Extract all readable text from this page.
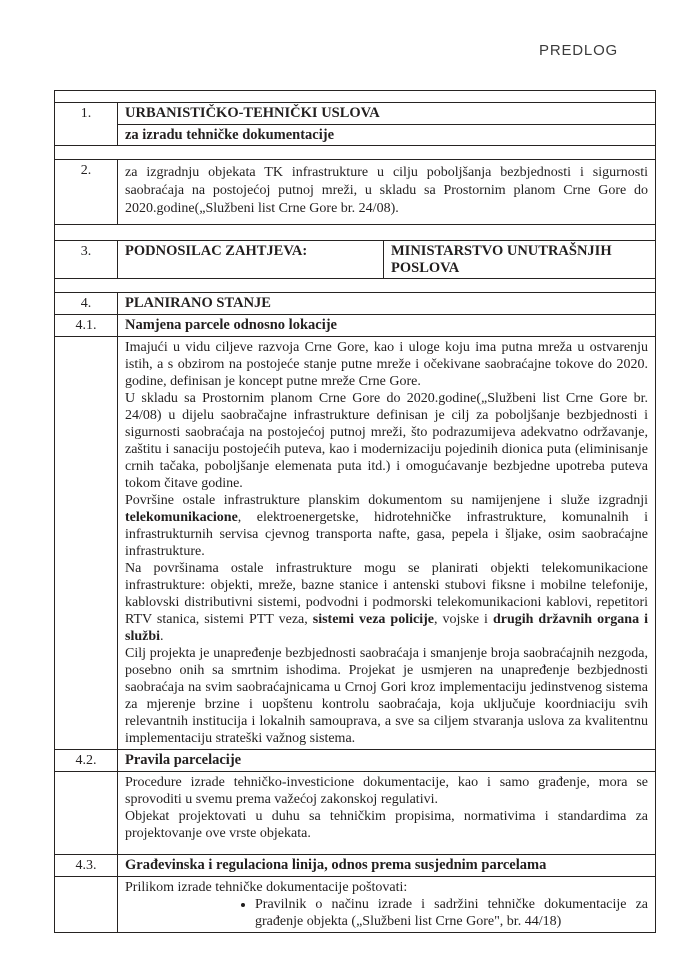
PREDLOG
1.	URBANISTIČKO-TEHNIČKI USLOVA
za izradu tehničke dokumentacije
2.	za izgradnju objekata TK infrastrukture u cilju poboljšanja bezbjednosti i sigurnosti saobraćaja na postojećoj putnoj mreži, u skladu sa Prostornim planom Crne Gore do 2020.godine(„Službeni list Crne Gore br. 24/08).
3.	PODNOSILAC ZAHTJEVA:	MINISTARSTVO UNUTRAŠNJIH POSLOVA
4.	PLANIRANO STANJE
4.1.	Namjena parcele odnosno lokacije

Imajući u vidu ciljeve razvoja Crne Gore, kao i uloge koju ima putna mreža u ostvarenju istih, a s obzirom na postojeće stanje putne mreže i očekivane saobraćajne tokove do 2020. godine, definisan je koncept putne mreže Crne Gore.

U skladu sa Prostornim planom Crne Gore do 2020.godine(„Službeni list Crne Gore br. 24/08) u dijelu saobračajne infrastrukture definisan je cilj za poboljšanje bezbjednosti i sigurnosti saobraćaja na postojećoj putnoj mreži, što podrazumijeva adekvatno održavanje, zaštitu i sanaciju postojećih puteva, kao i modernizaciju pojedinih dionica puta (eliminisanje crnih tačaka, poboljšanje elemenata puta itd.) i omogućavanje bezbjedne upotreba puteva tokom čitave godine.

Površine ostale infrastrukture planskim dokumentom su namijenjene i služe izgradnji telekomunikacione, elektroenergetske, hidrotehničke infrastrukture, komunalnih i infrastrukturnih servisa cjevnog transporta nafte, gasa, pepela i šljake, osim saobraćajne infrastrukture.

Na površinama ostale infrastrukture mogu se planirati objekti telekomunikacione infrastrukture: objekti, mreže, bazne stanice i antenski stubovi fiksne i mobilne telefonije, kablovski distributivni sistemi, podvodni i podmorski telekomunikacioni kablovi, repetitori RTV stanica, sistemi PTT veza, sistemi veza policije, vojske i drugih državnih organa i službi.

Cilj projekta je unapređenje bezbjednosti saobraćaja i smanjenje broja saobraćajnih nezgoda, posebno onih sa smrtnim ishodima. Projekat je usmjeren na unapređenje bezbjednosti saobraćaja na svim saobraćajnicama u Crnoj Gori kroz implementaciju jedinstvenog sistema za mjerenje brzine i uopštenu kontrolu saobraćaja, koja uključuje koordniaciju svih relevantnih institucija i lokalnih samouprava, a sve sa ciljem stvaranja uslova za kvalitentnu implementaciju strateški važnog sistema.

4.2.	Pravila parcelacije

Procedure izrade tehničko-investicione dokumentacije, kao i samo građenje, mora se sprovoditi u svemu prema važećoj zakonskoj regulativi.

Objekat projektovati u duhu sa tehničkim propisima, normativima i standardima za projektovanje ove vrste objekata.

4.3.	Građevinska i regulaciona linija, odnos prema susjednim parcelama

Prilikom izrade tehničke dokumentacije poštovati:

• Pravilnik o načinu izrade i sadržini tehničke dokumentacije za građenje objekta („Službeni list Crne Gore", br. 44/18)
